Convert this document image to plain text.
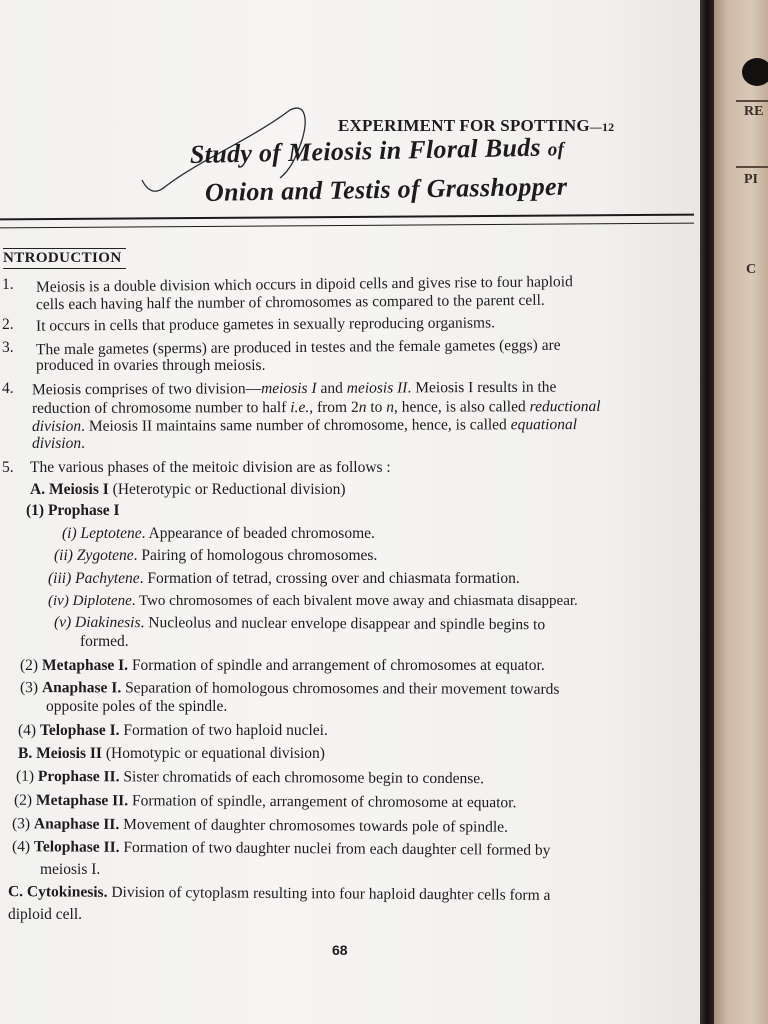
EXPERIMENT FOR SPOTTING—12
Study of Meiosis in Floral Buds of
Onion and Testis of Grasshopper
NTRODUCTION
1. Meiosis is a double division which occurs in dipoid cells and gives rise to four haploid
cells each having half the number of chromosomes as compared to the parent cell.
2. It occurs in cells that produce gametes in sexually reproducing organisms.
3. The male gametes (sperms) are produced in testes and the female gametes (eggs) are
produced in ovaries through meiosis.
4. Meiosis comprises of two division—meiosis I and meiosis II. Meiosis I results in the
reduction of chromosome number to half i.e., from 2n to n, hence, is also called reductional
division. Meiosis II maintains same number of chromosome, hence, is called equational
division.
5. The various phases of the meitoic division are as follows :
A. Meiosis I (Heterotypic or Reductional division)
(1) Prophase I
(i) Leptotene. Appearance of beaded chromosome.
(ii) Zygotene. Pairing of homologous chromosomes.
(iii) Pachytene. Formation of tetrad, crossing over and chiasmata formation.
(iv) Diplotene. Two chromosomes of each bivalent move away and chiasmata disappear.
(v) Diakinesis. Nucleolus and nuclear envelope disappear and spindle begins to
formed.
(2) Metaphase I. Formation of spindle and arrangement of chromosomes at equator.
(3) Anaphase I. Separation of homologous chromosomes and their movement towards
opposite poles of the spindle.
(4) Telophase I. Formation of two haploid nuclei.
B. Meiosis II (Homotypic or equational division)
(1) Prophase II. Sister chromatids of each chromosome begin to condense.
(2) Metaphase II. Formation of spindle, arrangement of chromosome at equator.
(3) Anaphase II. Movement of daughter chromosomes towards pole of spindle.
(4) Telophase II. Formation of two daughter nuclei from each daughter cell formed by
meiosis I.
C. Cytokinesis. Division of cytoplasm resulting into four haploid daughter cells form a
diploid cell.
68
RE
PI
C
